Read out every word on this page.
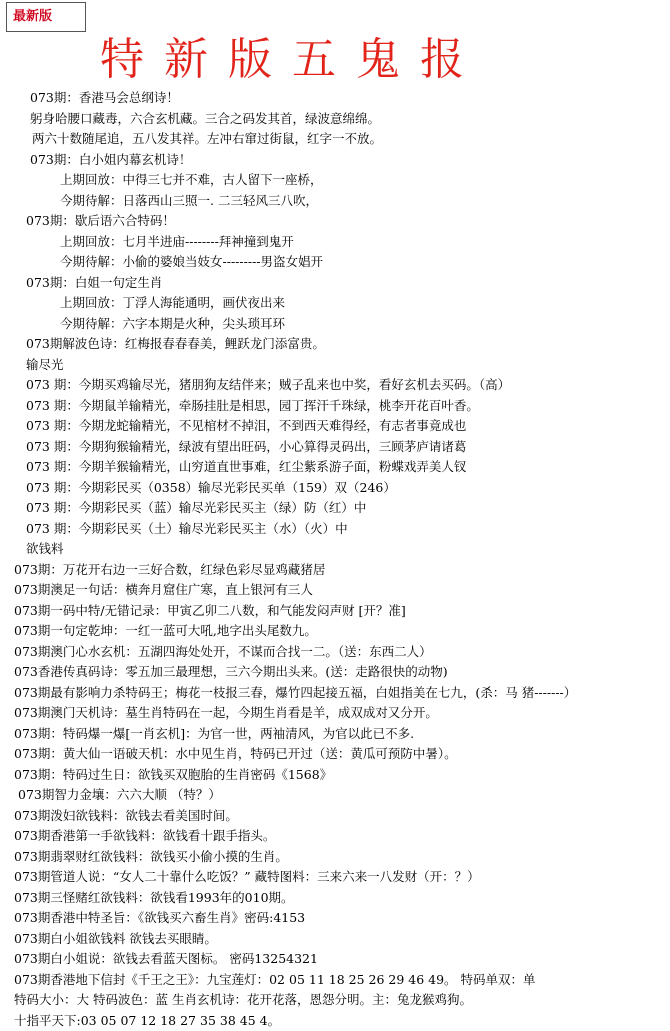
最新版
特新版五鬼报
073期：香港马会总纲诗！
躬身哈腰口藏毒，六合玄机藏。三合之码发其首，绿波意绵绵。
两六十数随尾追，五八发其祥。左冲右窜过街鼠，红字一不放。
073期：白小姐内幕玄机诗！
上期回放：中得三七并不难，古人留下一座桥，
今期待解：日落西山三照一. 二三轻风三八吹，
073期：歇后语六合特码！
上期回放：七月半进庙--------拜神撞到鬼开
今期待解：小偷的婆娘当妓女---------男盗女娼开
073期：白姐一句定生肖
上期回放：丁浮人海能通明，画伏夜出来
今期待解：六字本期是火种，尖头琐耳环
073期解波色诗：红梅报春春春美，鲤跃龙门添富贵。
输尽光
073 期：今期买鸡输尽光，猪朋狗友结伴来；贼子乱来也中奖，看好玄机去买码。（高）
073 期：今期鼠羊输精光，牵肠挂肚是相思，园丁挥汗千珠绿，桃李开花百叶香。
073 期：今期龙蛇输精光，不见棺材不掉泪，不到西天难得经，有志者事竟成也
073 期：今期狗猴输精光，绿波有望出旺码，小心算得灵码出，三顾茅庐请诸葛
073 期：今期羊猴输精光，山穷道直世事难，红尘紫系游子面，粉蝶戏弄美人钗
073 期：今期彩民买（0358）输尽光彩民买单（159）双（246）
073 期：今期彩民买（蓝）输尽光彩民买主（绿）防（红）中
073 期：今期彩民买（土）输尽光彩民买主（水）（火）中
欲钱料
073期：万花开右边一三好合数，红绿色彩尽显鸡藏猪居
073期澳足一句话：横奔月窟住广寒，直上银河有三人
073期一码中特/无错记录：甲寅乙卯二八数，和气能发闷声财 [开？准]
073期一句定乾坤：一红一蓝可大吼,地字出头尾数九。
073期澳门心水玄机：五湖四海处处开，不谋而合找一二。（送：东西二人）
073香港传真码诗：零五加三最理想，三六今期出头来。(送：走路很快的动物)
073期最有影响力杀特码王；梅花一枝报三春，爆竹四起接五福，白姐指美在七九，(杀：马 猪-------）
073期澳门天机诗：墓生肖特码在一起，今期生肖看是羊，成双成对又分开。
073期：特码爆一爆[一肖玄机]：为官一世，两袖清风，为官以此已不多.
073期：黄大仙一语破天机：水中见生肖，特码已开过（送：黄瓜可预防中暑）。
073期：特码过生日：欲钱买双胞胎的生肖密码《1568》
073期智力金壤：六六大顺 （特？）
073期泼妇欲钱料：欲钱去看美国时间。
073期香港第一手欲钱料：欲钱看十跟手指头。
073期翡翠财红欲钱料：欲钱买小偷小摸的生肖。
073期管道人说：“女人二十靠什么吃饭？” 藏特图料：三来六来一八发财（开：？）
073期三怪赌红欲钱料：欲钱看1993年的010期。
073期香港中特圣旨：《欲钱买六畜生肖》密码:4153
073期白小姐欲钱料 欲钱去买眼睛。
073期白小姐说：欲钱去看蓝天图标。 密码13254321
073期香港地下信封《千王之王》：九宝莲灯：02 05 11 18 25 26 29 46 49。 特码单双：单
特码大小：大 特码波色：蓝 生肖玄机诗：花开花落，恩怨分明。主：兔龙猴鸡狗。
十指平天下:03 05 07 12 18 27 35 38 45 4。
